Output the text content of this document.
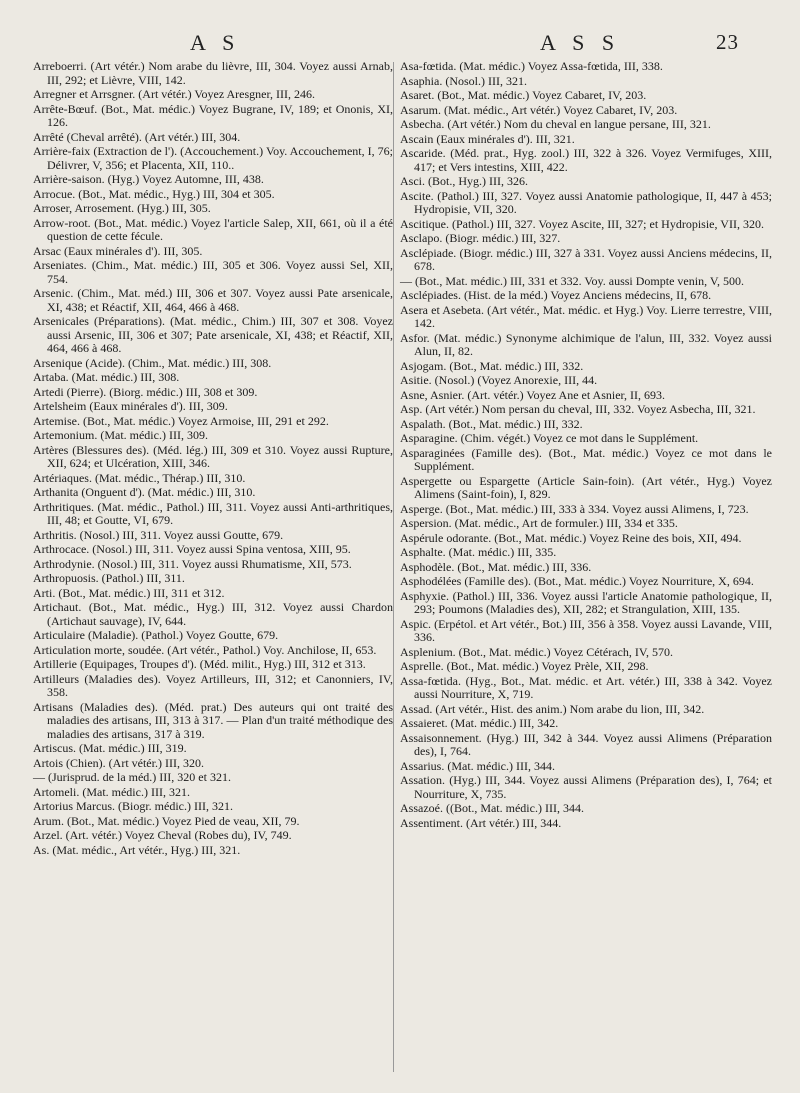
A S	A S S	23

Arreboerri. (Art vétér.) Nom arabe du lièvre, III, 304. Voyez aussi Arnab, III, 292; et Lièvre, VIII, 142.

Arregner et Arrsgner. (Art vétér.) Voyez Aresgner, III, 246.

Arrête-Bœuf. (Bot., Mat. médic.) Voyez Bugrane, IV, 189; et Ononis, XI, 126.

Arrêté (Cheval arrêté). (Art vétér.) III, 304.

Arrière-faix (Extraction de l'). (Accouchement.) Voy. Accouchement, I, 76; Délivrer, V, 356; et Placenta, XII, 110..

Arrière-saison. (Hyg.) Voyez Automne, III, 438.

Arrocue. (Bot., Mat. médic., Hyg.) III, 304 et 305.

Arroser, Arrosement. (Hyg.) III, 305.

Arrow-root. (Bot., Mat. médic.) Voyez l'article Salep, XII, 661, où il a été question de cette fécule.

Arsac (Eaux minérales d'). III, 305.

Arseniates. (Chim., Mat. médic.) III, 305 et 306. Voyez aussi Sel, XII, 754.

Arsenic. (Chim., Mat. méd.) III, 306 et 307. Voyez aussi Pate arsenicale, XI, 438; et Réactif, XII, 464, 466 à 468.

Arsenicales (Préparations). (Mat. médic., Chim.) III, 307 et 308. Voyez aussi Arsenic, III, 306 et 307; Pate arsenicale, XI, 438; et Réactif, XII, 464, 466 à 468.

Arsenique (Acide). (Chim., Mat. médic.) III, 308.

Artaba. (Mat. médic.) III, 308.

Artedi (Pierre). (Biorg. médic.) III, 308 et 309.

Artelsheim (Eaux minérales d'). III, 309.

Artemise. (Bot., Mat. médic.) Voyez Armoise, III, 291 et 292.

Artemonium. (Mat. médic.) III, 309.

Artères (Blessures des). (Méd. lég.) III, 309 et 310. Voyez aussi Rupture, XII, 624; et Ulcération, XIII, 346.

Artériaques. (Mat. médic., Thérap.) III, 310.

Arthanita (Onguent d'). (Mat. médic.) III, 310.

Arthritiques. (Mat. médic., Pathol.) III, 311. Voyez aussi Anti-arthritiques, III, 48; et Goutte, VI, 679.

Arthritis. (Nosol.) III, 311. Voyez aussi Goutte, 679.

Arthrocace. (Nosol.) III, 311. Voyez aussi Spina ventosa, XIII, 95.

Arthrodynie. (Nosol.) III, 311. Voyez aussi Rhumatisme, XII, 573.

Arthropuosis. (Pathol.) III, 311.

Arti. (Bot., Mat. médic.) III, 311 et 312.

Artichaut. (Bot., Mat. médic., Hyg.) III, 312. Voyez aussi Chardon (Artichaut sauvage), IV, 644.

Articulaire (Maladie). (Pathol.) Voyez Goutte, 679.

Articulation morte, soudée. (Art vétér., Pathol.) Voy. Anchilose, II, 653.

Artillerie (Equipages, Troupes d'). (Méd. milit., Hyg.) III, 312 et 313.

Artilleurs (Maladies des). Voyez Artilleurs, III, 312; et Canonniers, IV, 358.

Artisans (Maladies des). (Méd. prat.) Des auteurs qui ont traité des maladies des artisans, III, 313 à 317. — Plan d'un traité méthodique des maladies des artisans, 317 à 319.

Artiscus. (Mat. médic.) III, 319.

Artois (Chien). (Art vétér.) III, 320.

— (Jurisprud. de la méd.) III, 320 et 321.

Artomeli. (Mat. médic.) III, 321.

Artorius Marcus. (Biogr. médic.) III, 321.

Arum. (Bot., Mat. médic.) Voyez Pied de veau, XII, 79.

Arzel. (Art. vétér.) Voyez Cheval (Robes du), IV, 749.

As. (Mat. médic., Art vétér., Hyg.) III, 321.

Asa-fœtida. (Mat. médic.) Voyez Assa-fœtida, III, 338.

Asaphia. (Nosol.) III, 321.

Asaret. (Bot., Mat. médic.) Voyez Cabaret, IV, 203.

Asarum. (Mat. médic., Art vétér.) Voyez Cabaret, IV, 203.

Asbecha. (Art vétér.) Nom du cheval en langue persane, III, 321.

Ascain (Eaux minérales d'). III, 321.

Ascaride. (Méd. prat., Hyg. zool.) III, 322 à 326. Voyez Vermifuges, XIII, 417; et Vers intestins, XIII, 422.

Asci. (Bot., Hyg.) III, 326.

Ascite. (Pathol.) III, 327. Voyez aussi Anatomie pathologique, II, 447 à 453; Hydropisie, VII, 320.

Ascitique. (Pathol.) III, 327. Voyez Ascite, III, 327; et Hydropisie, VII, 320.

Asclapo. (Biogr. médic.) III, 327.

Asclépiade. (Biogr. médic.) III, 327 à 331. Voyez aussi Anciens médecins, II, 678.

— (Bot., Mat. médic.) III, 331 et 332. Voy. aussi Dompte venin, V, 500.

Asclépiades. (Hist. de la méd.) Voyez Anciens médecins, II, 678.

Asera et Asebeta. (Art vétér., Mat. médic. et Hyg.) Voy. Lierre terrestre, VIII, 142.

Asfor. (Mat. médic.) Synonyme alchimique de l'alun, III, 332. Voyez aussi Alun, II, 82.

Asjogam. (Bot., Mat. médic.) III, 332.

Asitie. (Nosol.) (Voyez Anorexie, III, 44.

Asne, Asnier. (Art. vétér.) Voyez Ane et Asnier, II, 693.

Asp. (Art vétér.) Nom persan du cheval, III, 332. Voyez Asbecha, III, 321.

Aspalath. (Bot., Mat. médic.) III, 332.

Asparagine. (Chim. végét.) Voyez ce mot dans le Supplément.

Asparaginées (Famille des). (Bot., Mat. médic.) Voyez ce mot dans le Supplément.

Aspergette ou Espargette (Article Sain-foin). (Art vétér., Hyg.) Voyez Alimens (Saint-foin), I, 829.

Asperge. (Bot., Mat. médic.) III, 333 à 334. Voyez aussi Alimens, I, 723.

Aspersion. (Mat. médic., Art de formuler.) III, 334 et 335.

Aspérule odorante. (Bot., Mat. médic.) Voyez Reine des bois, XII, 494.

Asphalte. (Mat. médic.) III, 335.

Asphodèle. (Bot., Mat. médic.) III, 336.

Asphodélées (Famille des). (Bot., Mat. médic.) Voyez Nourriture, X, 694.

Asphyxie. (Pathol.) III, 336. Voyez aussi l'article Anatomie pathologique, II, 293; Poumons (Maladies des), XII, 282; et Strangulation, XIII, 135.

Aspic. (Erpétol. et Art vétér., Bot.) III, 356 à 358. Voyez aussi Lavande, VIII, 336.

Asplenium. (Bot., Mat. médic.) Voyez Cétérach, IV, 570.

Asprelle. (Bot., Mat. médic.) Voyez Prèle, XII, 298.

Assa-fœtida. (Hyg., Bot., Mat. médic. et Art. vétér.) III, 338 à 342. Voyez aussi Nourriture, X, 719.

Assad. (Art vétér., Hist. des anim.) Nom arabe du lion, III, 342.

Assaieret. (Mat. médic.) III, 342.

Assaisonnement. (Hyg.) III, 342 à 344. Voyez aussi Alimens (Préparation des), I, 764.

Assarius. (Mat. médic.) III, 344.

Assation. (Hyg.) III, 344. Voyez aussi Alimens (Préparation des), I, 764; et Nourriture, X, 735.

Assazoé. ((Bot., Mat. médic.) III, 344.

Assentiment. (Art vétér.) III, 344.
